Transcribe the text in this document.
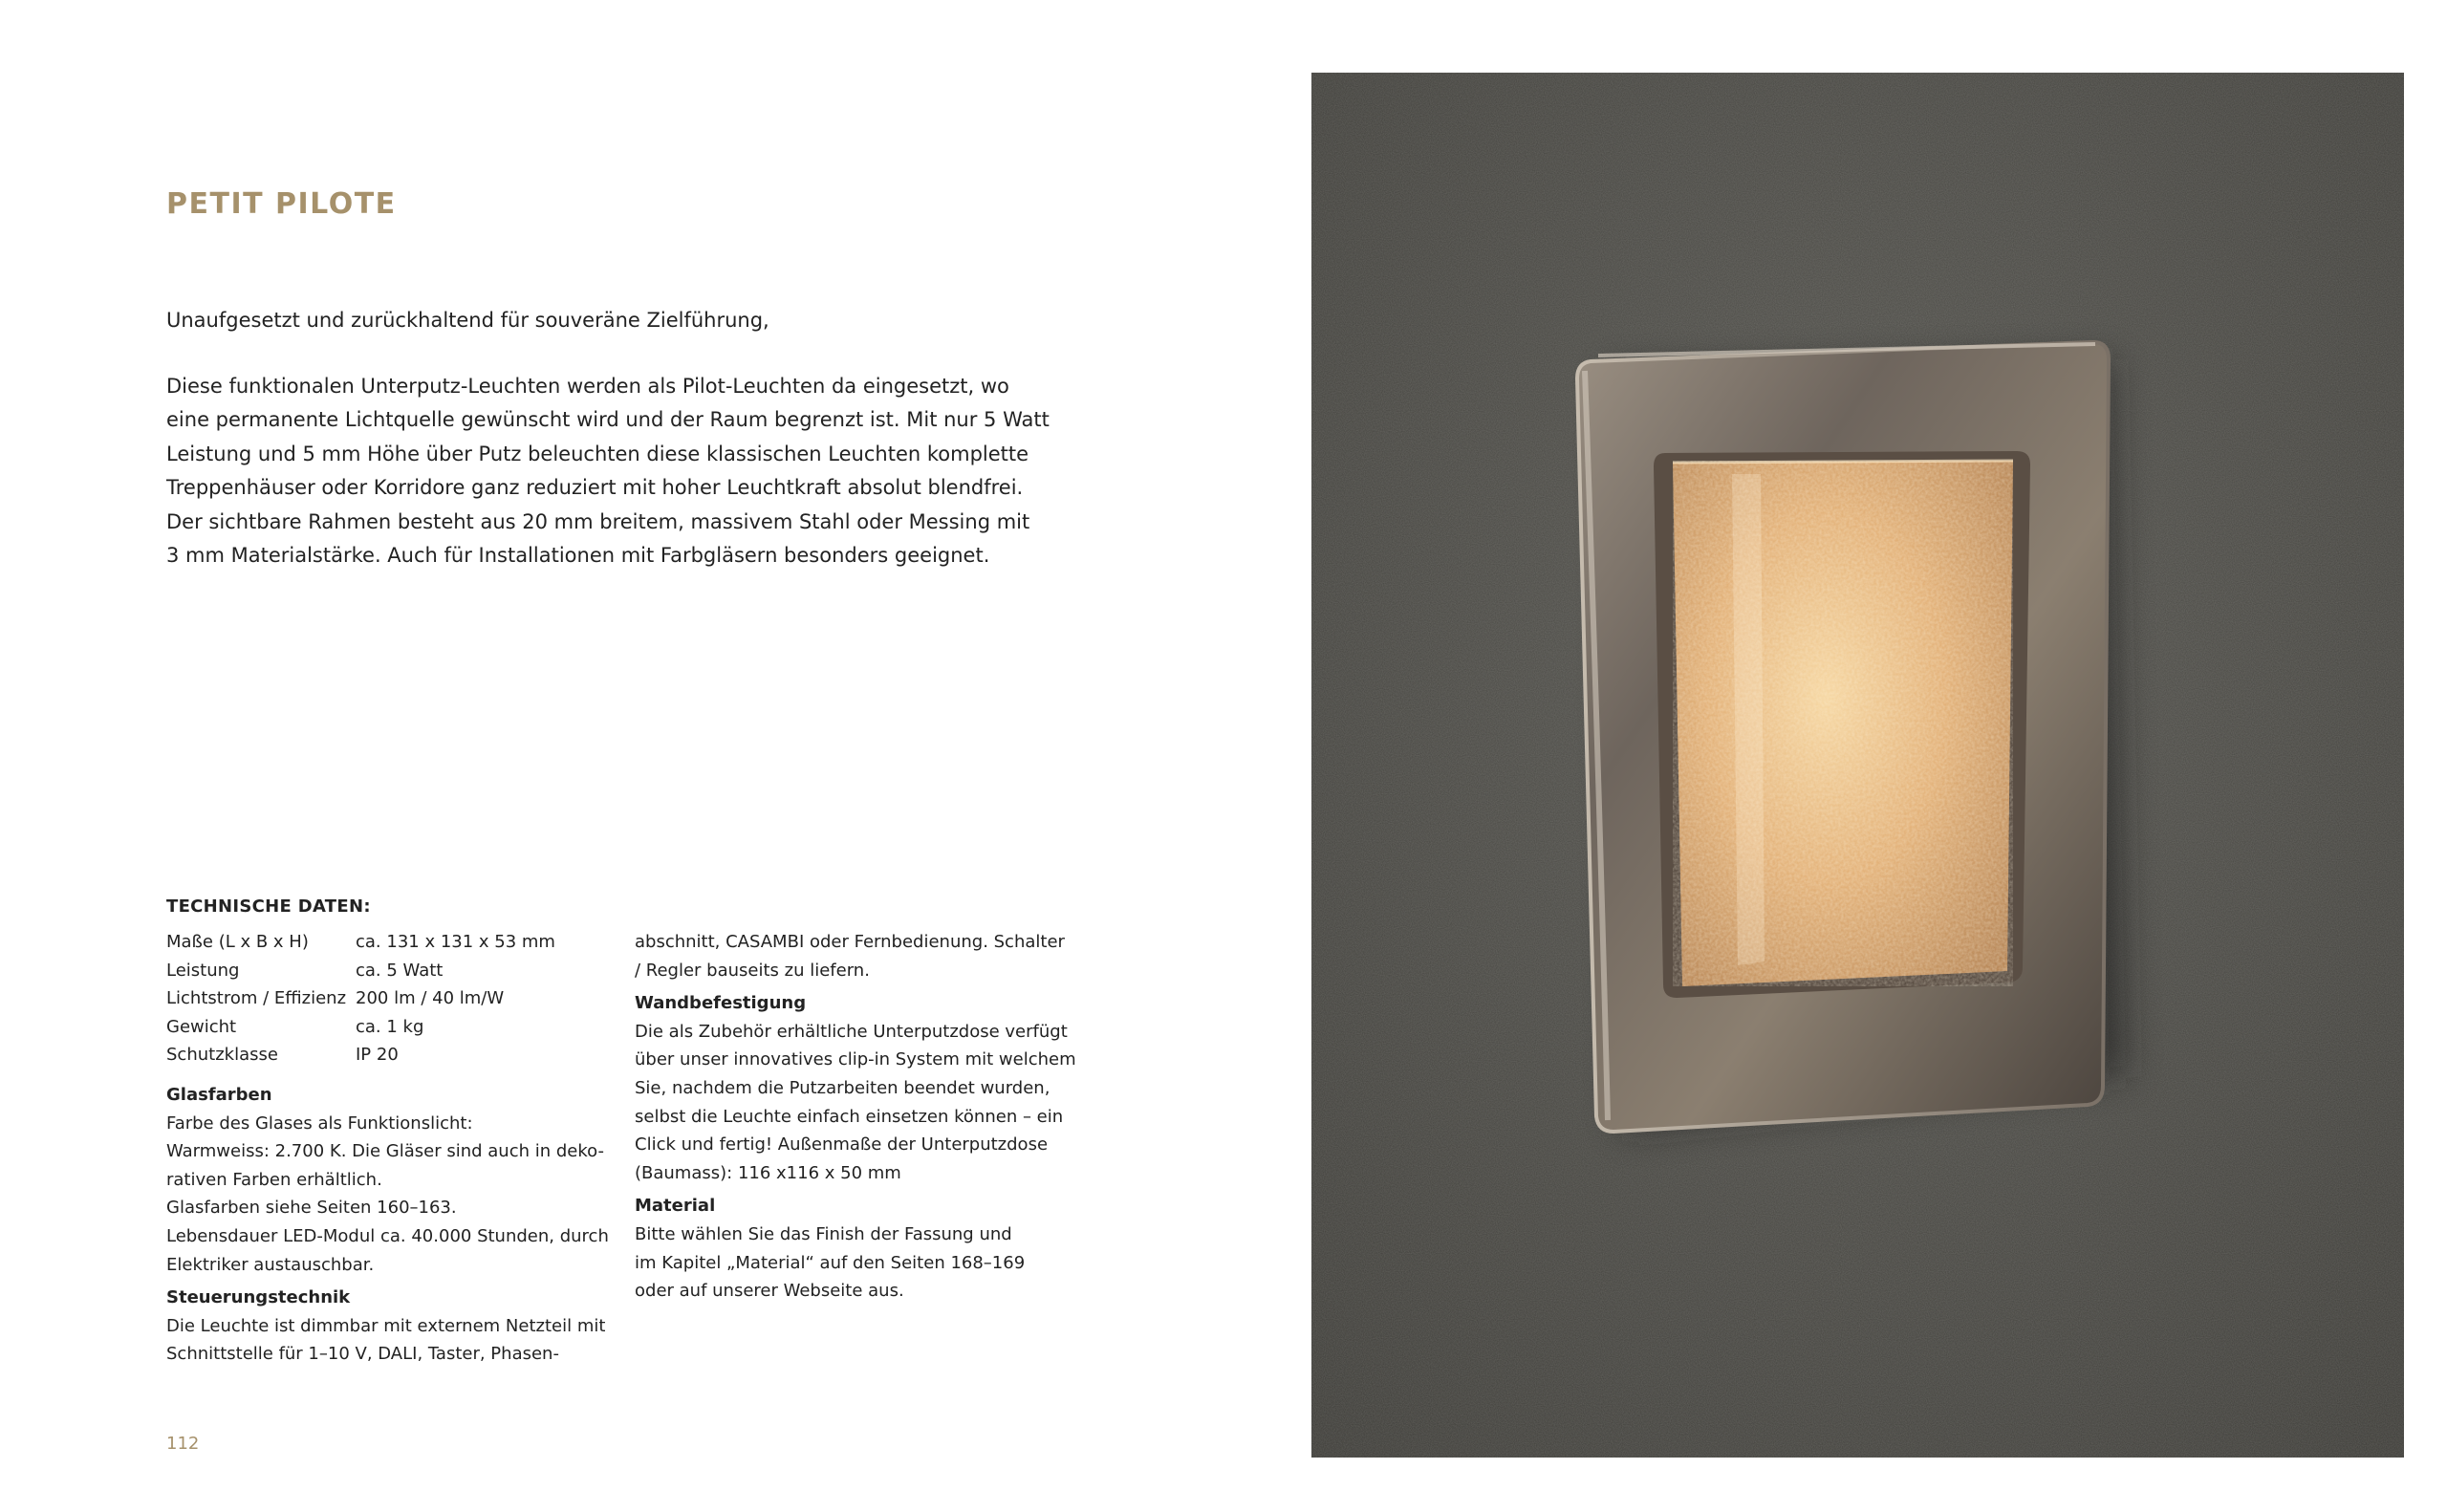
PETIT PILOTE
Unaufgesetzt und zurückhaltend für souveräne Zielführung,
Diese funktionalen Unterputz-Leuchten werden als Pilot-Leuchten da eingesetzt, wo
eine permanente Lichtquelle gewünscht wird und der Raum begrenzt ist. Mit nur 5 Watt
Leistung und 5 mm Höhe über Putz beleuchten diese klassischen Leuchten komplette
Treppenhäuser oder Korridore ganz reduziert mit hoher Leuchtkraft absolut blendfrei.
Der sichtbare Rahmen besteht aus 20 mm breitem, massivem Stahl oder Messing mit
3 mm Materialstärke. Auch für Installationen mit Farbgläsern besonders geeignet.
TECHNISCHE DATEN:
Maße (L x B x H)	ca. 131 x 131 x 53 mm
Leistung	ca. 5 Watt
Lichtstrom / Effizienz	200 lm / 40 lm/W
Gewicht	ca. 1 kg
Schutzklasse	IP 20
Glasfarben
Farbe des Glases als Funktionslicht:
Warmweiss: 2.700 K. Die Gläser sind auch in deko-
rativen Farben erhältlich.
Glasfarben siehe Seiten 160–163.
Lebensdauer LED-Modul ca. 40.000 Stunden, durch
Elektriker austauschbar.
Steuerungstechnik
Die Leuchte ist dimmbar mit externem Netzteil mit
Schnittstelle für 1–10 V, DALI, Taster, Phasen-
abschnitt, CASAMBI oder Fernbedienung. Schalter
/ Regler bauseits zu liefern.
Wandbefestigung
Die als Zubehör erhältliche Unterputzdose verfügt
über unser innovatives clip-in System mit welchem
Sie, nachdem die Putzarbeiten beendet wurden,
selbst die Leuchte einfach einsetzen können – ein
Click und fertig! Außenmaße der Unterputzdose
(Baumass): 116 x116 x 50 mm
Material
Bitte wählen Sie das Finish der Fassung und
im Kapitel „Material“ auf den Seiten 168–169
oder auf unserer Webseite aus.
112
